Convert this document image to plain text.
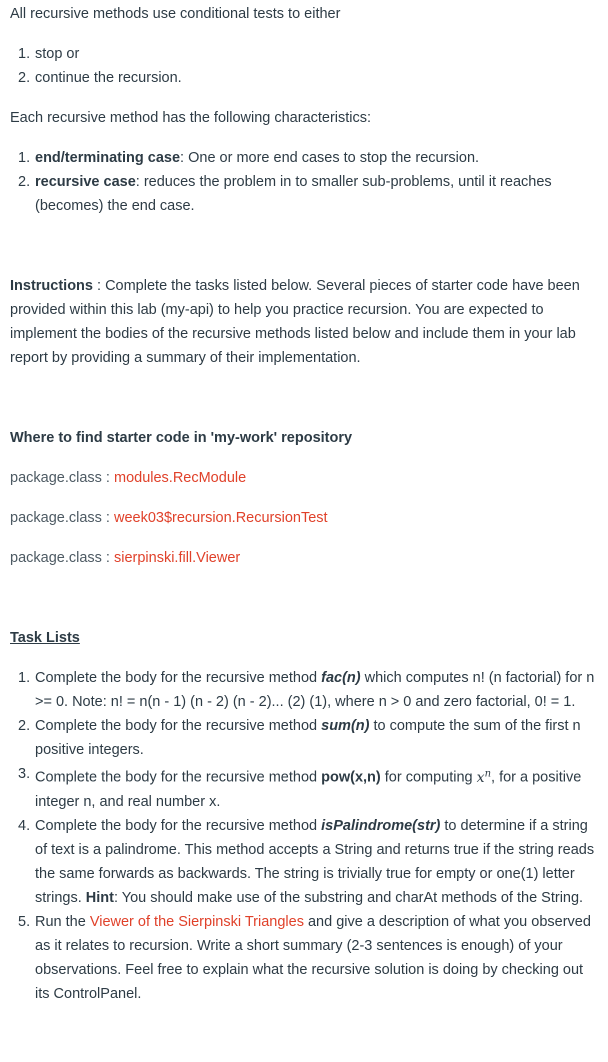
All recursive methods use conditional tests to either
1. stop or
2. continue the recursion.
Each recursive method has the following characteristics:
1. end/terminating case: One or more end cases to stop the recursion.
2. recursive case: reduces the problem in to smaller sub-problems, until it reaches (becomes) the end case.
Instructions : Complete the tasks listed below. Several pieces of starter code have been provided within this lab (my-api) to help you practice recursion. You are expected to implement the bodies of the recursive methods listed below and include them in your lab report by providing a summary of their implementation.
Where to find starter code in 'my-work' repository
package.class : modules.RecModule
package.class : week03$recursion.RecursionTest
package.class : sierpinski.fill.Viewer
Task Lists
1. Complete the body for the recursive method fac(n) which computes n! (n factorial) for n >= 0. Note: n! = n(n - 1) (n - 2) (n - 2)... (2) (1), where n > 0 and zero factorial, 0! = 1.
2. Complete the body for the recursive method sum(n) to compute the sum of the first n positive integers.
3. Complete the body for the recursive method pow(x,n) for computing $x^n$, for a positive integer n, and real number x.
4. Complete the body for the recursive method isPalindrome(str) to determine if a string of text is a palindrome. This method accepts a String and returns true if the string reads the same forwards as backwards. The string is trivially true for empty or one(1) letter strings. Hint: You should make use of the substring and charAt methods of the String.
5. Run the Viewer of the Sierpinski Triangles and give a description of what you observed as it relates to recursion. Write a short summary (2-3 sentences is enough) of your observations. Feel free to explain what the recursive solution is doing by checking out its ControlPanel.
